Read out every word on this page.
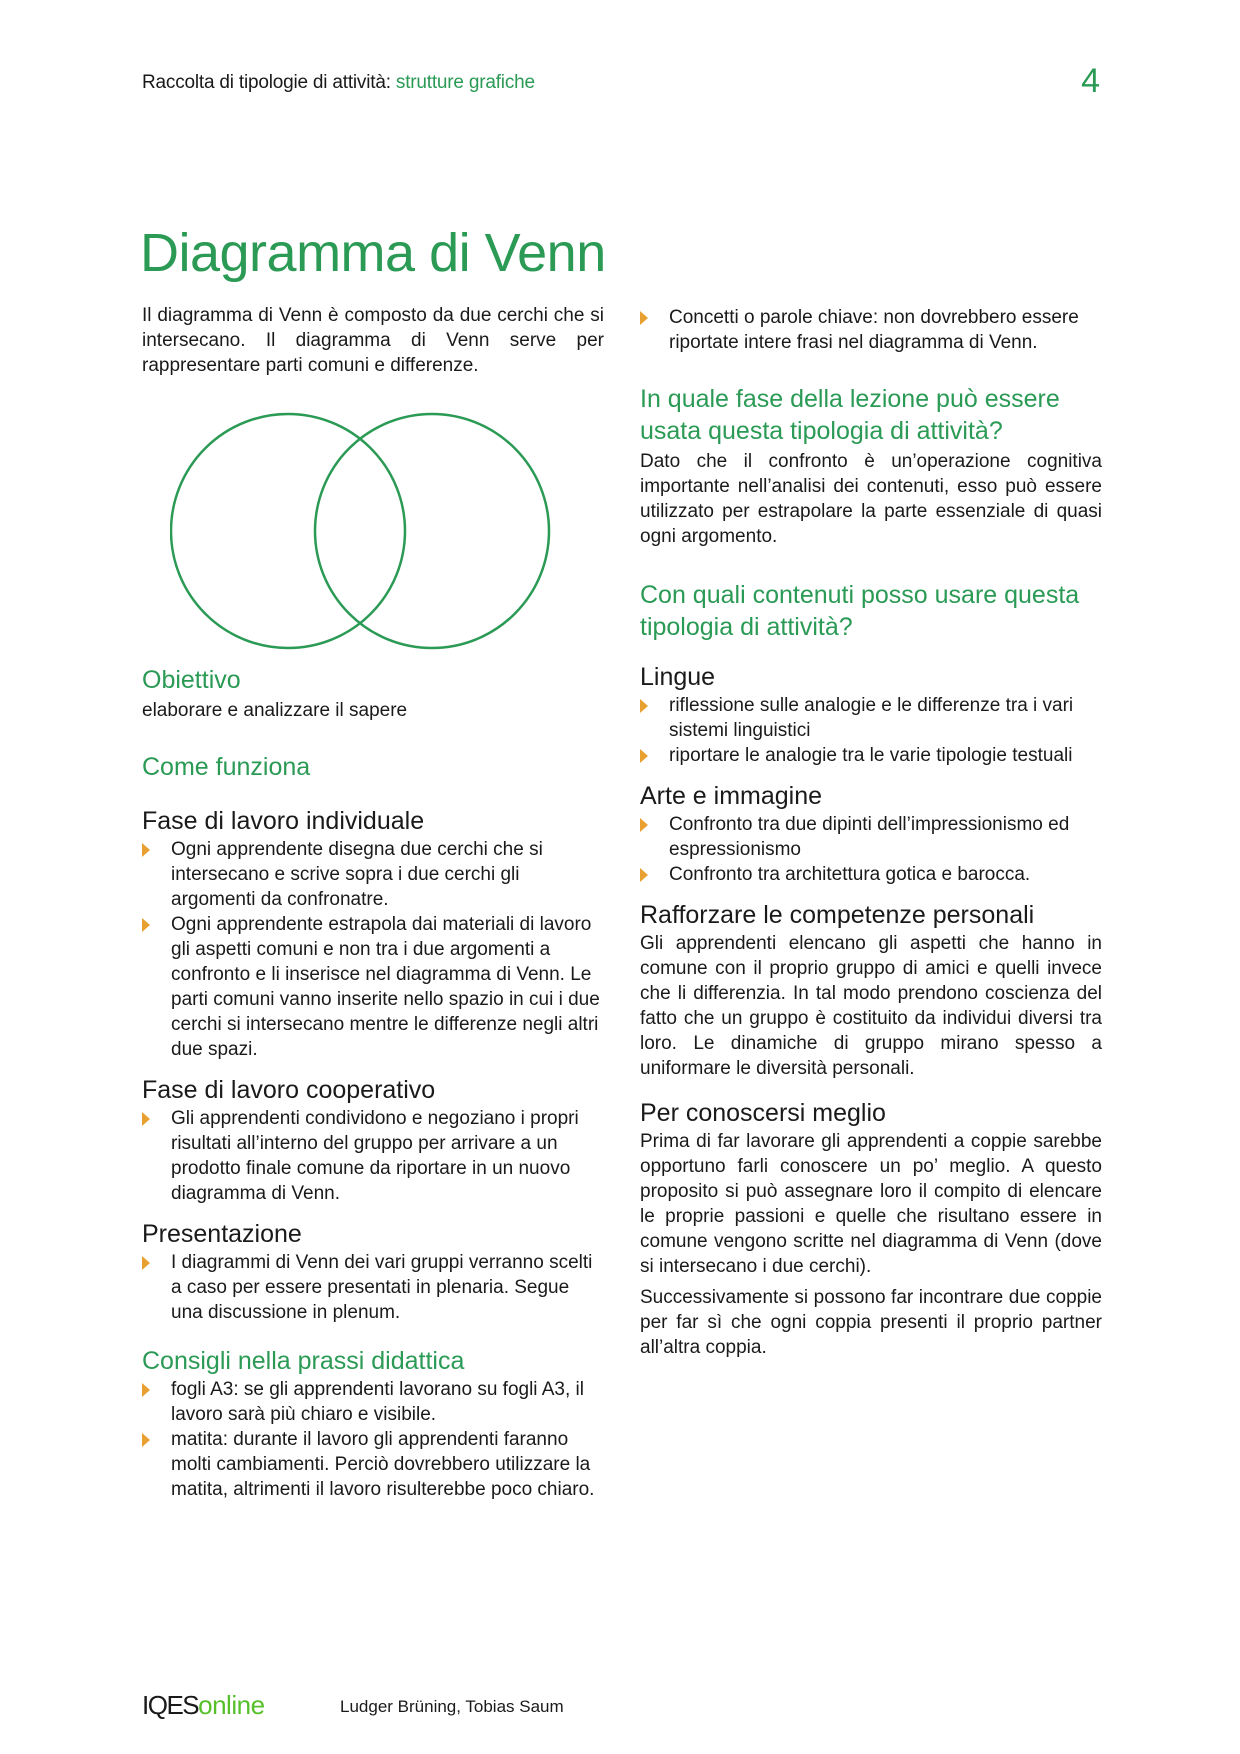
Raccolta di tipologie di attività: strutture grafiche	4
Diagramma di Venn

Il diagramma di Venn è composto da due cerchi che si intersecano. Il diagramma di Venn serve per rappresentare parti comuni e differenze.

Obiettivo

elaborare e analizzare il sapere

Come funziona
Fase di lavoro individuale
Ogni apprendente disegna due cerchi che si intersecano e scrive sopra i due cerchi gli argomenti da confronatre.
Ogni apprendente estrapola dai materiali di lavoro gli aspetti comuni e non tra i due argomenti a confronto e li inserisce nel diagramma di Venn. Le parti comuni vanno inserite nello spazio in cui i due cerchi si intersecano mentre le differenze negli altri due spazi.
Fase di lavoro cooperativo
Gli apprendenti condividono e negoziano i propri risultati all’interno del gruppo per arrivare a un prodotto finale comune da riportare in un nuovo diagramma di Venn.
Presentazione
I diagrammi di Venn dei vari gruppi verranno scelti a caso per essere presentati in plenaria. Segue una discussione in plenum.
Consigli nella prassi didattica
fogli A3: se gli apprendenti lavorano su fogli A3, il lavoro sarà più chiaro e visibile.
matita: durante il lavoro gli apprendenti faranno molti cambiamenti. Perciò dovrebbero utilizzare la matita, altrimenti il lavoro risulterebbe poco chiaro.
Concetti o parole chiave: non dovrebbero essere riportate intere frasi nel diagramma di Venn.
In quale fase della lezione può essere usata questa tipologia di attività?

Dato che il confronto è un’operazione cognitiva importante nell’analisi dei contenuti, esso può essere utilizzato per estrapolare la parte essenziale di quasi ogni argomento.

Con quali contenuti posso usare questa tipologia di attività?
Lingue
riflessione sulle analogie e le differenze tra i vari sistemi linguistici
riportare le analogie tra le varie tipologie testuali
Arte e immagine
Confronto tra due dipinti dell’impressionismo ed espressionismo
Confronto tra architettura gotica e barocca.
Rafforzare le competenze personali

Gli apprendenti elencano gli aspetti che hanno in comune con il proprio gruppo di amici e quelli invece che li differenzia. In tal modo prendono coscienza del fatto che un gruppo è costituito da individui diversi tra loro. Le dinamiche di gruppo mirano spesso a uniformare le diversità personali.

Per conoscersi meglio

Prima di far lavorare gli apprendenti a coppie sarebbe opportuno farli conoscere un po’ meglio. A questo proposito si può assegnare loro il compito di elencare le proprie passioni e quelle che risultano essere in comune vengono scritte nel diagramma di Venn (dove si intersecano i due cerchi).

Successivamente si possono far incontrare due coppie per far sì che ogni coppia presenti il proprio partner all’altra coppia.

IQESonline	Ludger Brüning, Tobias Saum
